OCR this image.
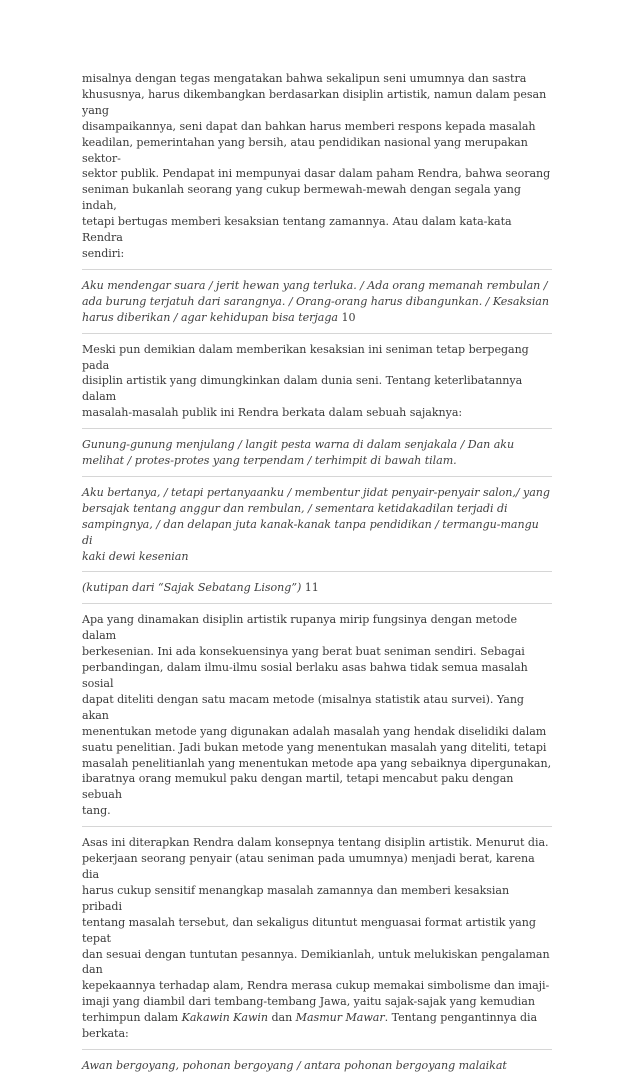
misalnya dengan tegas mengatakan bahwa sekalipun seni umumnya dan sastra
khususnya, harus dikembangkan berdasarkan disiplin artistik, namun dalam pesan yang
disampaikannya, seni dapat dan bahkan harus memberi respons kepada masalah
keadilan, pemerintahan yang bersih, atau pendidikan nasional yang merupakan sektor-
sektor publik. Pendapat ini mempunyai dasar dalam paham Rendra, bahwa seorang
seniman bukanlah seorang yang cukup bermewah-mewah dengan segala yang indah,
tetapi bertugas memberi kesaksian tentang zamannya. Atau dalam kata-kata Rendra
sendiri:

Aku mendengar suara / jerit hewan yang terluka. / Ada orang memanah rembulan /
ada burung terjatuh dari sarangnya. / Orang-orang harus dibangunkan. / Kesaksian
harus diberikan / agar kehidupan bisa terjaga 10

Meski pun demikian dalam memberikan kesaksian ini seniman tetap berpegang pada
disiplin artistik yang dimungkinkan dalam dunia seni. Tentang keterlibatannya dalam
masalah-masalah publik ini Rendra berkata dalam sebuah sajaknya:

Gunung-gunung menjulang / langit pesta warna di dalam senjakala / Dan aku
melihat / protes-protes yang terpendam / terhimpit di bawah tilam.

Aku bertanya, / tetapi pertanyaanku / membentur jidat penyair-penyair salon,/ yang
bersajak tentang anggur dan rembulan, / sementara ketidakadilan terjadi di
sampingnya, / dan delapan juta kanak-kanak tanpa pendidikan / termangu-mangu di
kaki dewi kesenian

(kutipan dari “Sajak Sebatang Lisong”) 11

Apa yang dinamakan disiplin artistik rupanya mirip fungsinya dengan metode dalam
berkesenian. Ini ada konsekuensinya yang berat buat seniman sendiri. Sebagai
perbandingan, dalam ilmu-ilmu sosial berlaku asas bahwa tidak semua masalah sosial
dapat diteliti dengan satu macam metode (misalnya statistik atau survei). Yang akan
menentukan metode yang digunakan adalah masalah yang hendak diselidiki dalam
suatu penelitian. Jadi bukan metode yang menentukan masalah yang diteliti, tetapi
masalah penelitianlah yang menentukan metode apa yang sebaiknya dipergunakan,
ibaratnya orang memukul paku dengan martil, tetapi mencabut paku dengan sebuah
tang.

Asas ini diterapkan Rendra dalam konsepnya tentang disiplin artistik. Menurut dia.
pekerjaan seorang penyair (atau seniman pada umumnya) menjadi berat, karena dia
harus cukup sensitif menangkap masalah zamannya dan memberi kesaksian pribadi
tentang masalah tersebut, dan sekaligus dituntut menguasai format artistik yang tepat
dan sesuai dengan tuntutan pesannya. Demikianlah, untuk melukiskan pengalaman dan
kepekaannya terhadap alam, Rendra merasa cukup memakai simbolisme dan imaji-
imaji yang diambil dari tembang-tembang Jawa, yaitu sajak-sajak yang kemudian
terhimpun dalam Kakawin Kawin dan Masmur Mawar. Tentang pengantinnya dia
berkata:

Awan bergoyang, pohonan bergoyang / antara pohonan bergoyang malaikat
